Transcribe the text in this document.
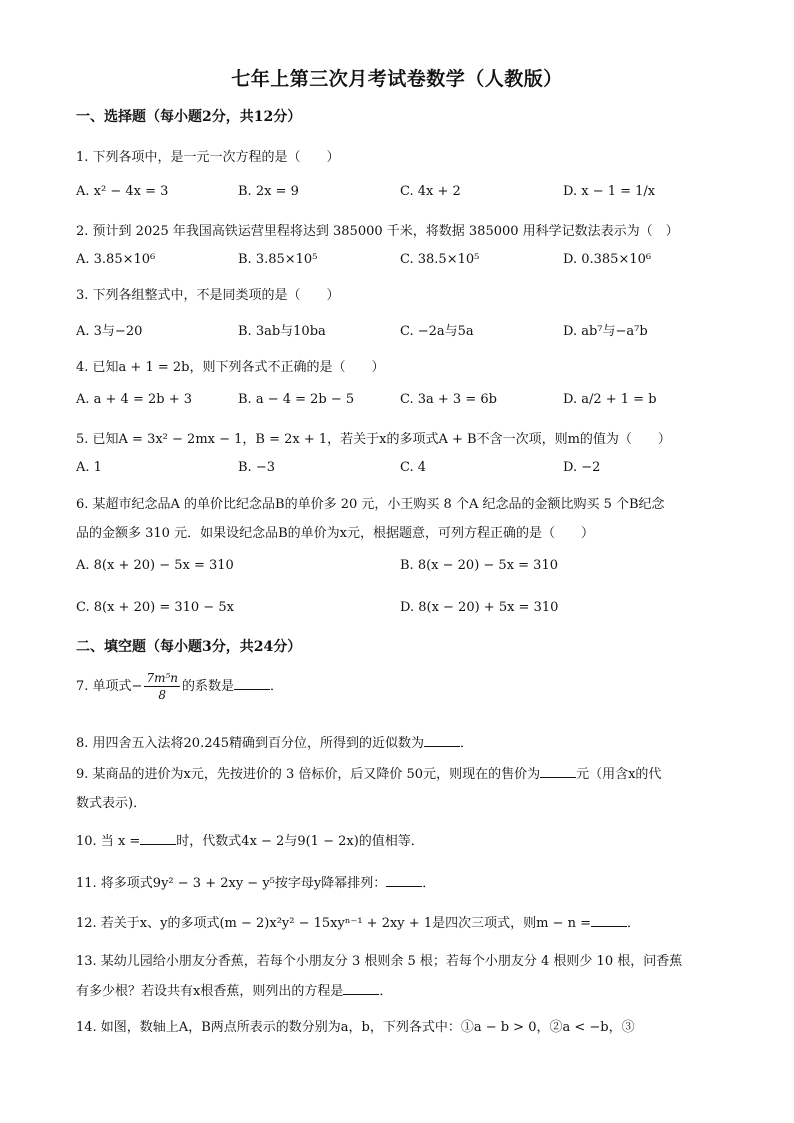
七年上第三次月考试卷数学（人教版）
一、选择题（每小题2分，共12分）
1. 下列各项中，是一元一次方程的是（　　）
A. x² − 4x = 3	B. 2x = 9	C. 4x + 2	D. x − 1 = 1/x
2. 预计到 2025 年我国高铁运营里程将达到 385000 千米，将数据 385000 用科学记数法表示为（　）
A. 3.85×10⁶	B. 3.85×10⁵	C. 38.5×10⁵	D. 0.385×10⁶
3. 下列各组整式中，不是同类项的是（　　）
A. 3与−20	B. 3ab与10ba	C. −2a与5a	D. ab⁷与−a⁷b
4. 已知a + 1 = 2b，则下列各式不正确的是（　　）
A. a + 4 = 2b + 3	B. a − 4 = 2b − 5	C. 3a + 3 = 6b	D. a/2 + 1 = b
5. 已知A = 3x² − 2mx − 1，B = 2x + 1，若关于x的多项式A + B不含一次项，则m的值为（　　）
A. 1	B. −3	C. 4	D. −2
6. 某超市纪念品A 的单价比纪念品B的单价多 20 元，小王购买 8 个A 纪念品的金额比购买 5 个B纪念
品的金额多 310 元．如果设纪念品B的单价为x元，根据题意，可列方程正确的是（　　）
A. 8(x + 20) − 5x = 310	B. 8(x − 20) − 5x = 310
C. 8(x + 20) = 310 − 5x	D. 8(x − 20) + 5x = 310
二、填空题（每小题3分，共24分）
7. 单项式− $\frac{\text{7m⁵n}}{8}$ 的系数是	．
8. 用四舍五入法将20.245精确到百分位，所得到的近似数为	．
9. 某商品的进价为x元，先按进价的 3 倍标价，后又降价 50元，则现在的售价为	元（用含x的代
数式表示)．
10. 当 x =	时，代数式4x − 2与9(1 − 2x)的值相等．
11. 将多项式9y² − 3 + 2xy − y⁵按字母y降幂排列：	．
12. 若关于x、y的多项式(m − 2)x²y² − 15xyⁿ⁻¹ + 2xy + 1是四次三项式，则m − n =	．
13. 某幼儿园给小朋友分香蕉，若每个小朋友分 3 根则余 5 根；若每个小朋友分 4 根则少 10 根，问香蕉
有多少根？若设共有x根香蕉，则列出的方程是	．
14. 如图，数轴上A，B两点所表示的数分别为a，b，下列各式中：①a − b > 0，②a < −b，③
